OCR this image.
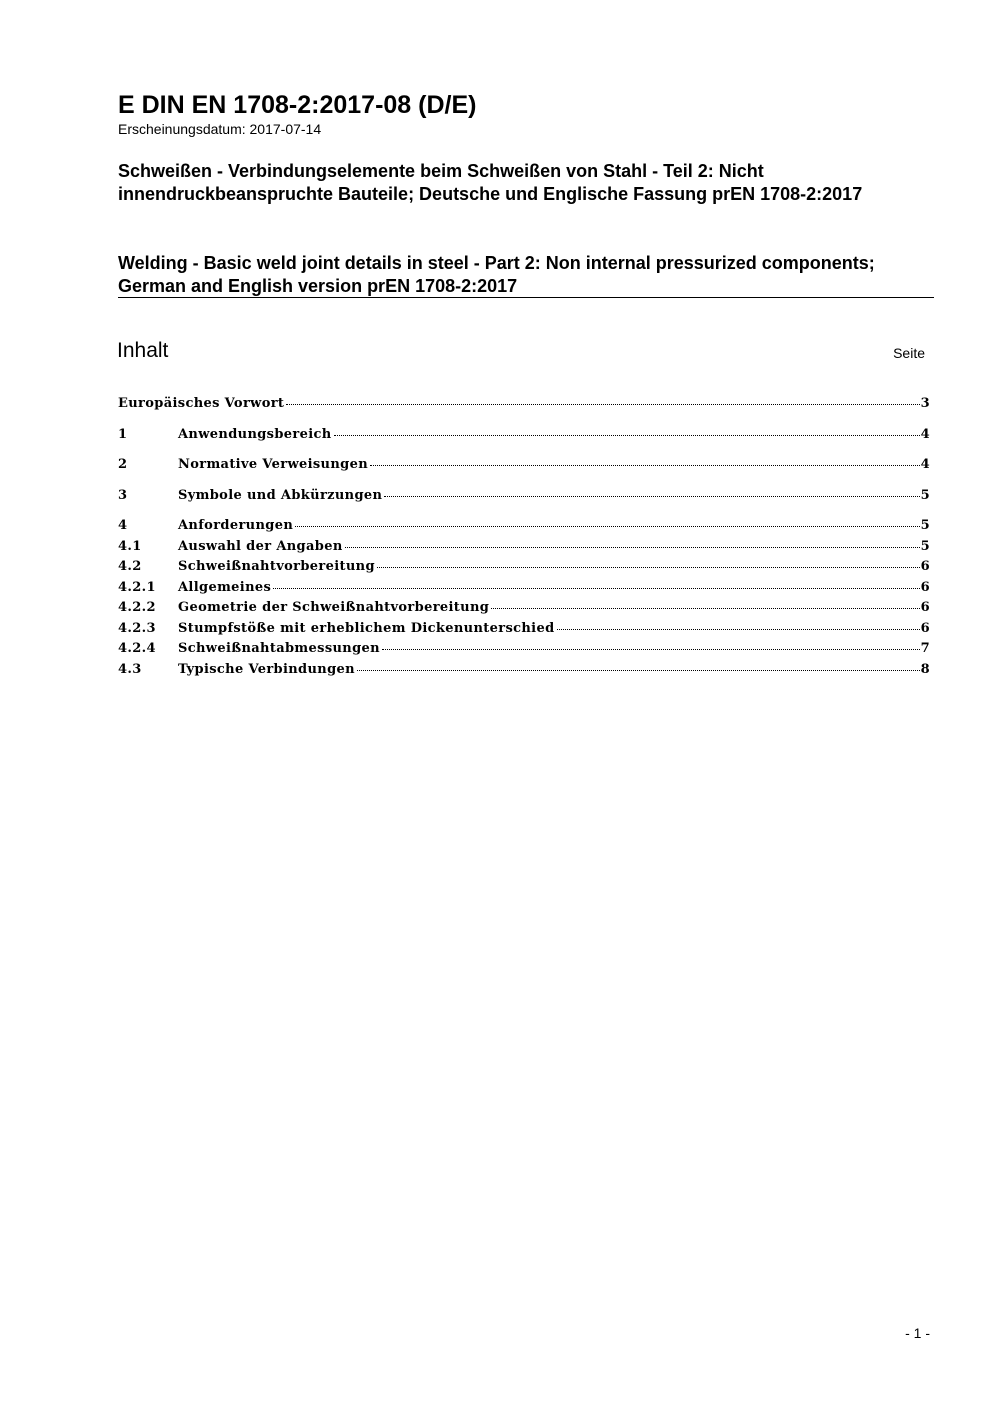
E DIN EN 1708-2:2017-08 (D/E)
Erscheinungsdatum: 2017-07-14
Schweißen - Verbindungselemente beim Schweißen von Stahl - Teil 2: Nicht innendruckbeanspruchte Bauteile; Deutsche und Englische Fassung prEN 1708-2:2017
Welding - Basic weld joint details in steel - Part 2: Non internal pressurized components; German and English version prEN 1708-2:2017
Inhalt	Seite
Europäisches Vorwort	3
1	Anwendungsbereich	4
2	Normative Verweisungen	4
3	Symbole und Abkürzungen	5
4	Anforderungen	5
4.1	Auswahl der Angaben	5
4.2	Schweißnahtvorbereitung	6
4.2.1	Allgemeines	6
4.2.2	Geometrie der Schweißnahtvorbereitung	6
4.2.3	Stumpfstöße mit erheblichem Dickenunterschied	6
4.2.4	Schweißnahtabmessungen	7
4.3	Typische Verbindungen	8
- 1 -
